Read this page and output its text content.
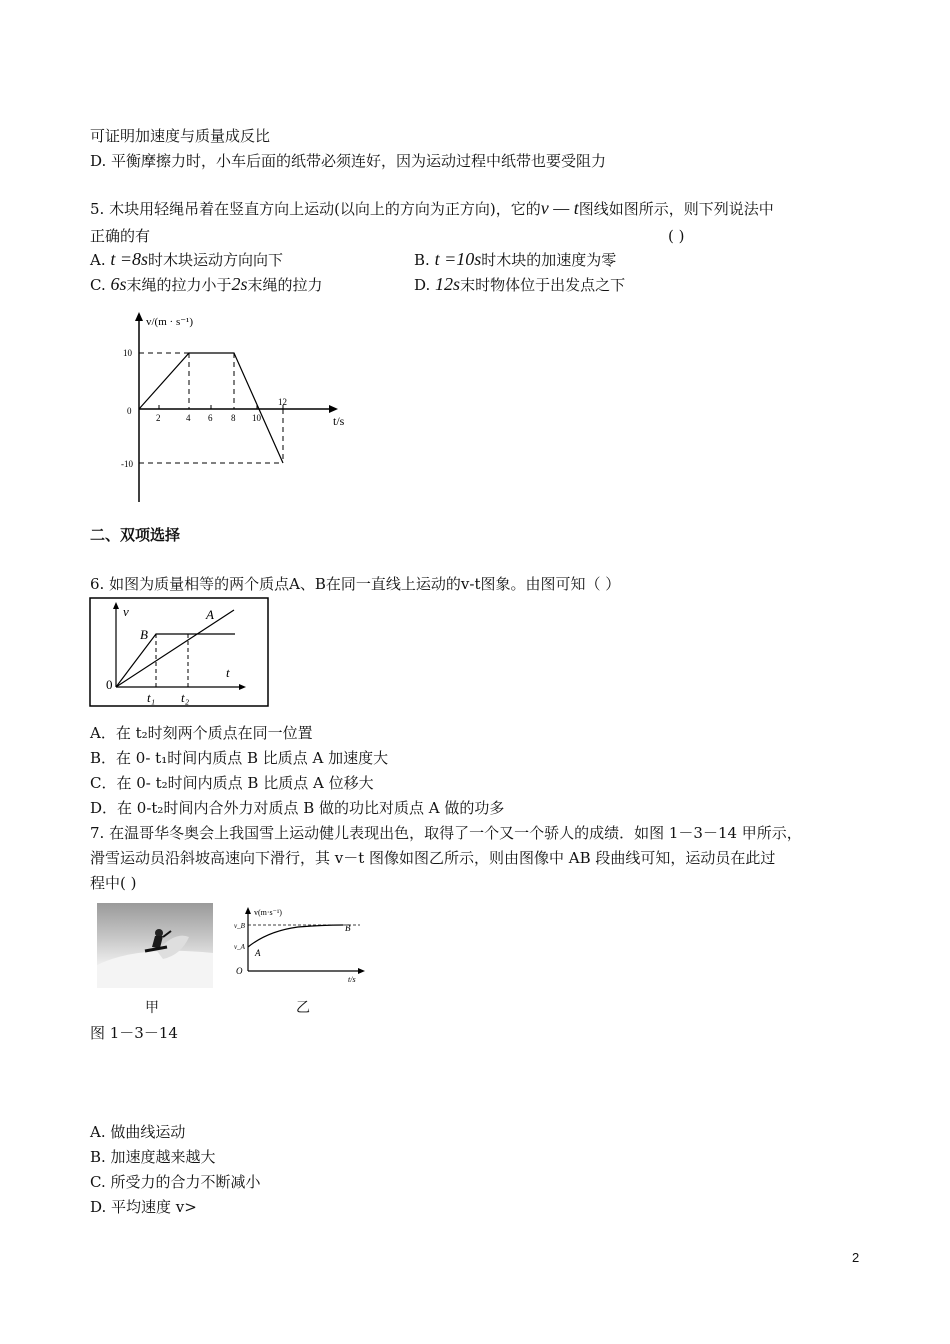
可证明加速度与质量成反比
D. 平衡摩擦力时，小车后面的纸带必须连好，因为运动过程中纸带也要受阻力
5. 木块用轻绳吊着在竖直方向上运动(以向上的方向为正方向)，它的v — t图线如图所示，则下列说法中
正确的有	( )
A. t =8s时木块运动方向向下	B. t =10s时木块的加速度为零
C. 6s末绳的拉力小于2s末绳的拉力	D. 12s末时物体位于出发点之下
v/(m · s⁻¹)
t/s
10
0
-10
2	4 6 8 10
12
二、双项选择
6. 如图为质量相等的两个质点A、B在同一直线上运动的v-t图象。由图可知（ ）
v	A
B
t
0
t₁ t₂
A．在 t₂时刻两个质点在同一位置
B．在 0- t₁时间内质点 B 比质点 A 加速度大
C．在 0- t₂时间内质点 B 比质点 A 位移大
D．在 0-t₂时间内合外力对质点 B 做的功比对质点 A 做的功多
7. 在温哥华冬奥会上我国雪上运动健儿表现出色，取得了一个又一个骄人的成绩．如图 1－3－14 甲所示，
滑雪运动员沿斜坡高速向下滑行，其 v－t 图像如图乙所示，则由图像中 AB 段曲线可知，运动员在此过
程中( )
v(m·s⁻¹)
v_B
v_A
A
B
O
t/s
甲	乙
图 1－3－14
A. 做曲线运动
B. 加速度越来越大
C. 所受力的合力不断减小
D. 平均速度 v>
2
